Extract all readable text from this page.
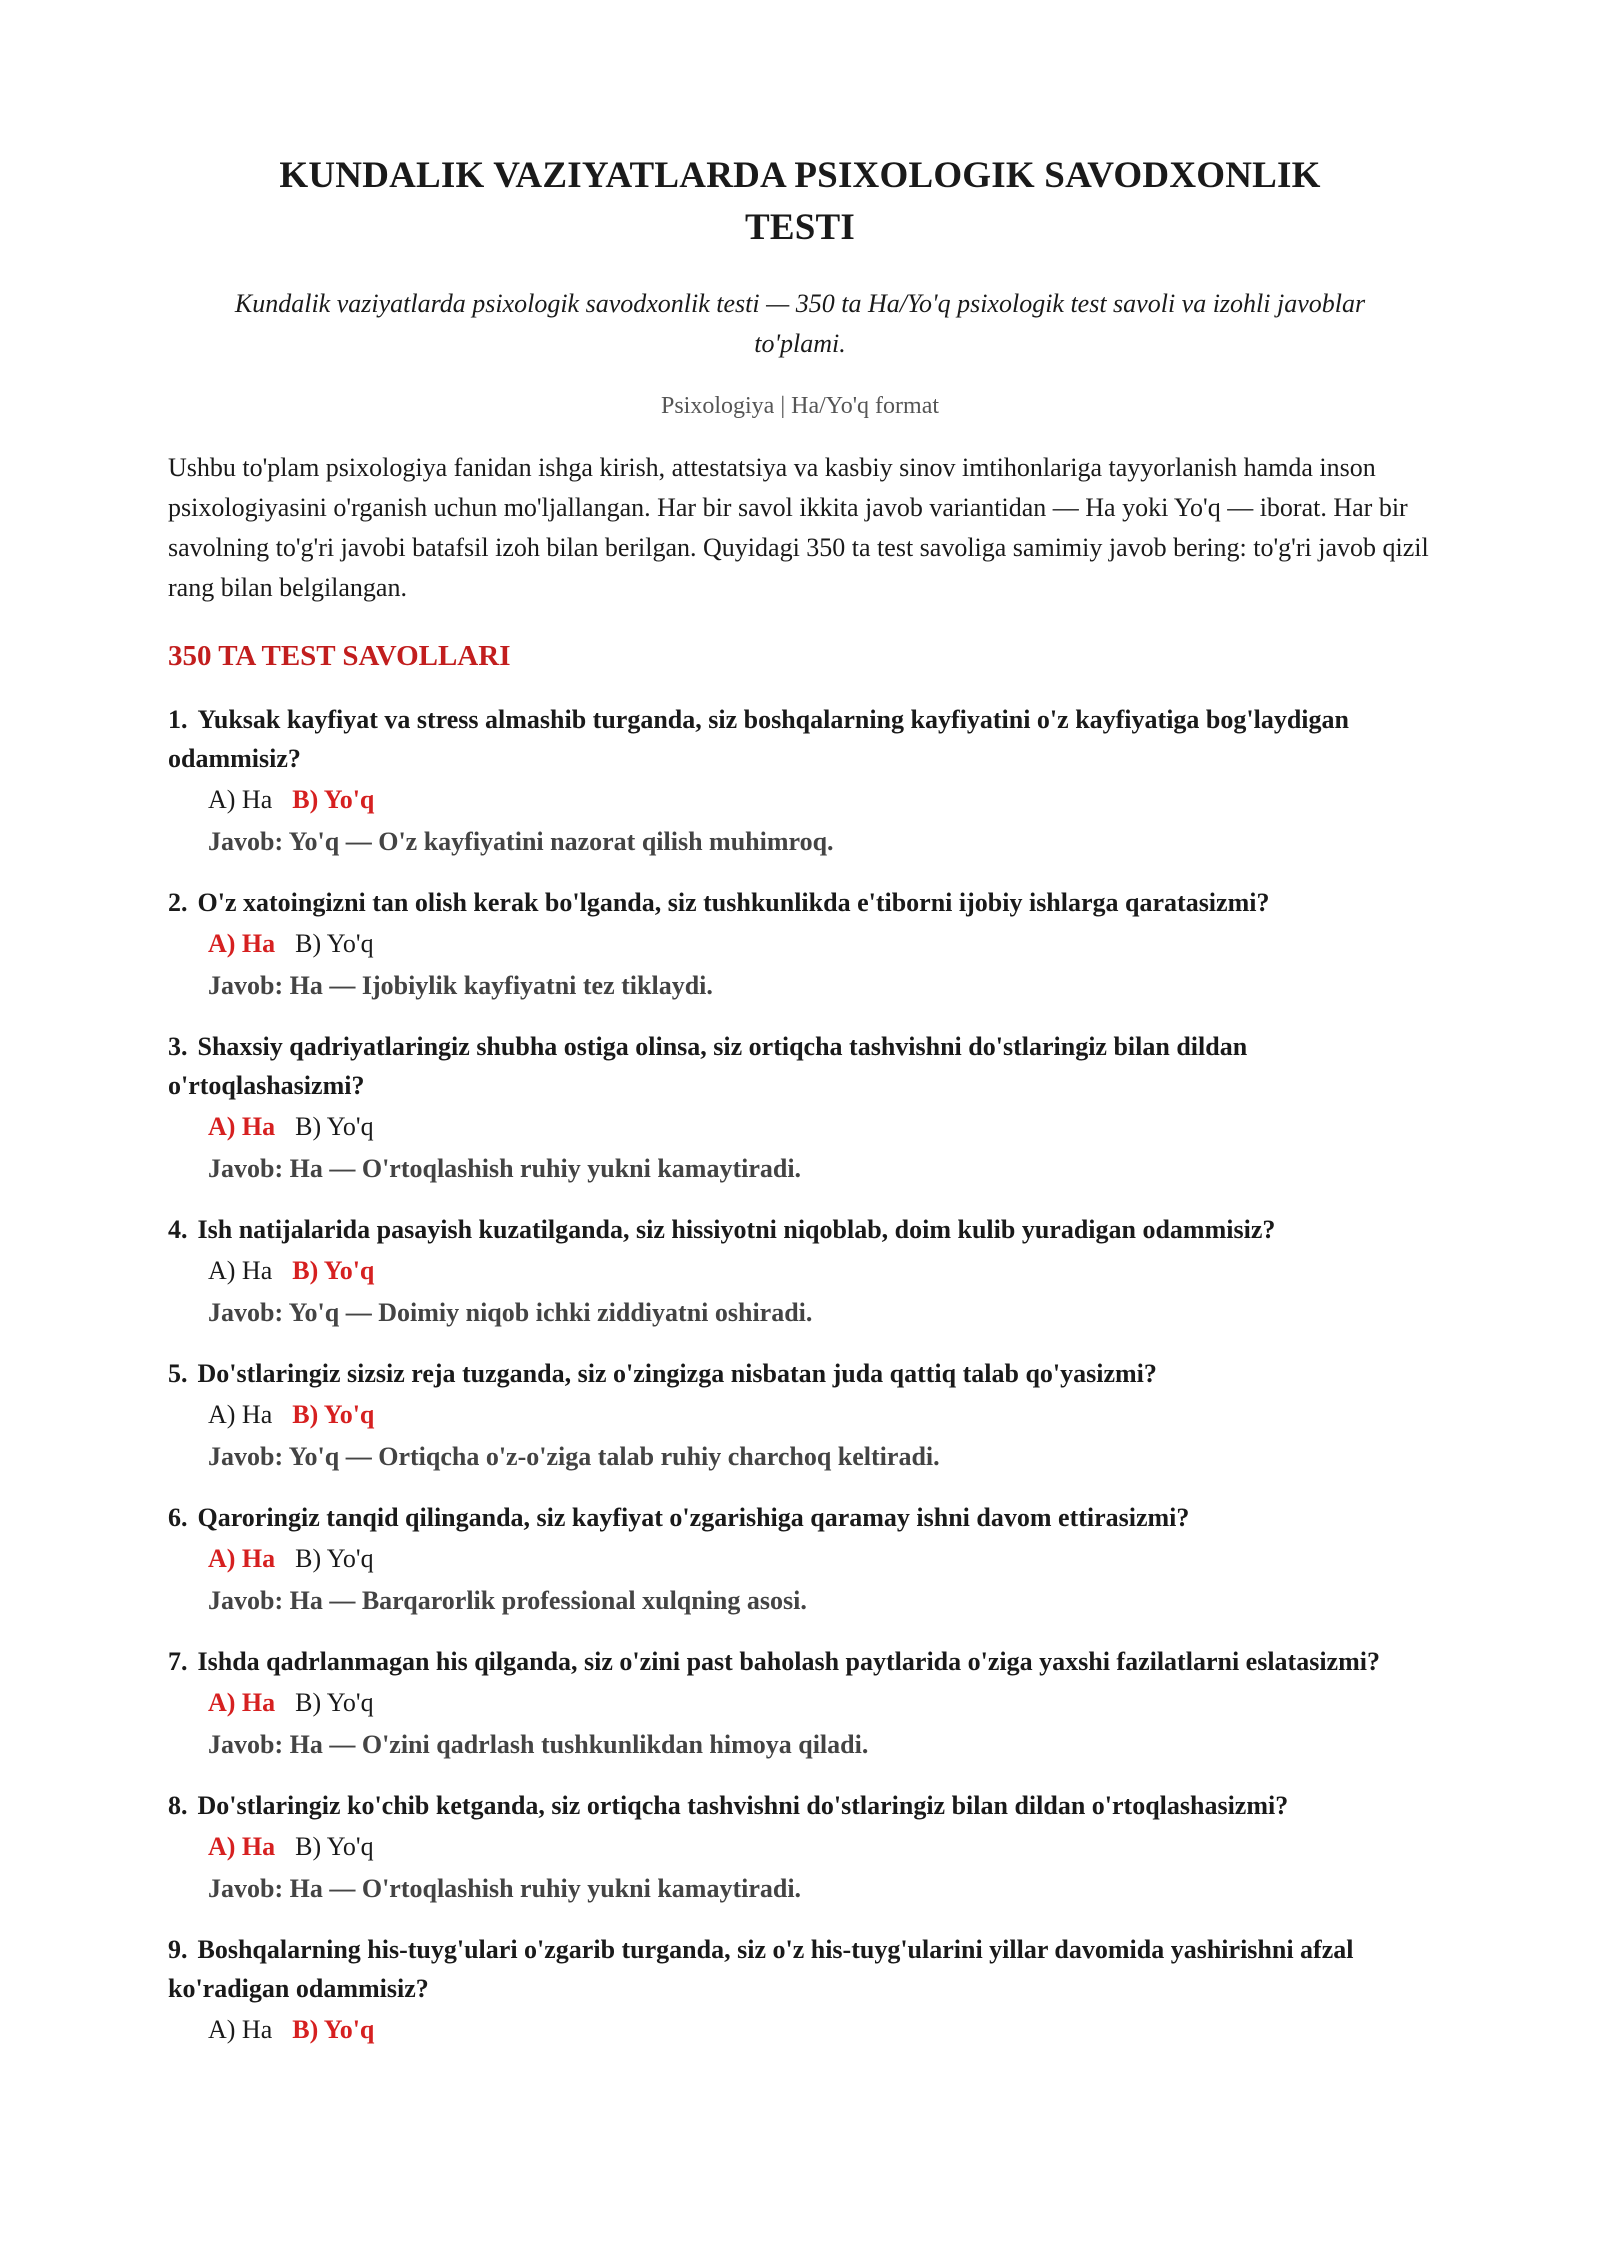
KUNDALIK VAZIYATLARDA PSIXOLOGIK SAVODXONLIK TESTI

Kundalik vaziyatlarda psixologik savodxonlik testi — 350 ta Ha/Yo'q psixologik test savoli va izohli javoblar to'plami.

Psixologiya | Ha/Yo'q format

Ushbu to'plam psixologiya fanidan ishga kirish, attestatsiya va kasbiy sinov imtihonlariga tayyorlanish hamda inson psixologiyasini o'rganish uchun mo'ljallangan. Har bir savol ikkita javob variantidan — Ha yoki Yo'q — iborat. Har bir savolning to'g'ri javobi batafsil izoh bilan berilgan. Quyidagi 350 ta test savoliga samimiy javob bering: to'g'ri javob qizil rang bilan belgilangan.

350 TA TEST SAVOLLARI
1. Yuksak kayfiyat va stress almashib turganda, siz boshqalarning kayfiyatini o'z kayfiyatiga bog'laydigan odammisiz?
A) Ha B) Yo'q
Javob: Yo'q — O'z kayfiyatini nazorat qilish muhimroq.
2. O'z xatoingizni tan olish kerak bo'lganda, siz tushkunlikda e'tiborni ijobiy ishlarga qaratasizmi?
A) Ha B) Yo'q
Javob: Ha — Ijobiylik kayfiyatni tez tiklaydi.
3. Shaxsiy qadriyatlaringiz shubha ostiga olinsa, siz ortiqcha tashvishni do'stlaringiz bilan dildan o'rtoqlashasizmi?
A) Ha B) Yo'q
Javob: Ha — O'rtoqlashish ruhiy yukni kamaytiradi.
4. Ish natijalarida pasayish kuzatilganda, siz hissiyotni niqoblab, doim kulib yuradigan odammisiz?
A) Ha B) Yo'q
Javob: Yo'q — Doimiy niqob ichki ziddiyatni oshiradi.
5. Do'stlaringiz sizsiz reja tuzganda, siz o'zingizga nisbatan juda qattiq talab qo'yasizmi?
A) Ha B) Yo'q
Javob: Yo'q — Ortiqcha o'z-o'ziga talab ruhiy charchoq keltiradi.
6. Qaroringiz tanqid qilinganda, siz kayfiyat o'zgarishiga qaramay ishni davom ettirasizmi?
A) Ha B) Yo'q
Javob: Ha — Barqarorlik professional xulqning asosi.
7. Ishda qadrlanmagan his qilganda, siz o'zini past baholash paytlarida o'ziga yaxshi fazilatlarni eslatasizmi?
A) Ha B) Yo'q
Javob: Ha — O'zini qadrlash tushkunlikdan himoya qiladi.
8. Do'stlaringiz ko'chib ketganda, siz ortiqcha tashvishni do'stlaringiz bilan dildan o'rtoqlashasizmi?
A) Ha B) Yo'q
Javob: Ha — O'rtoqlashish ruhiy yukni kamaytiradi.
9. Boshqalarning his-tuyg'ulari o'zgarib turganda, siz o'z his-tuyg'ularini yillar davomida yashirishni afzal ko'radigan odammisiz?
A) Ha B) Yo'q
